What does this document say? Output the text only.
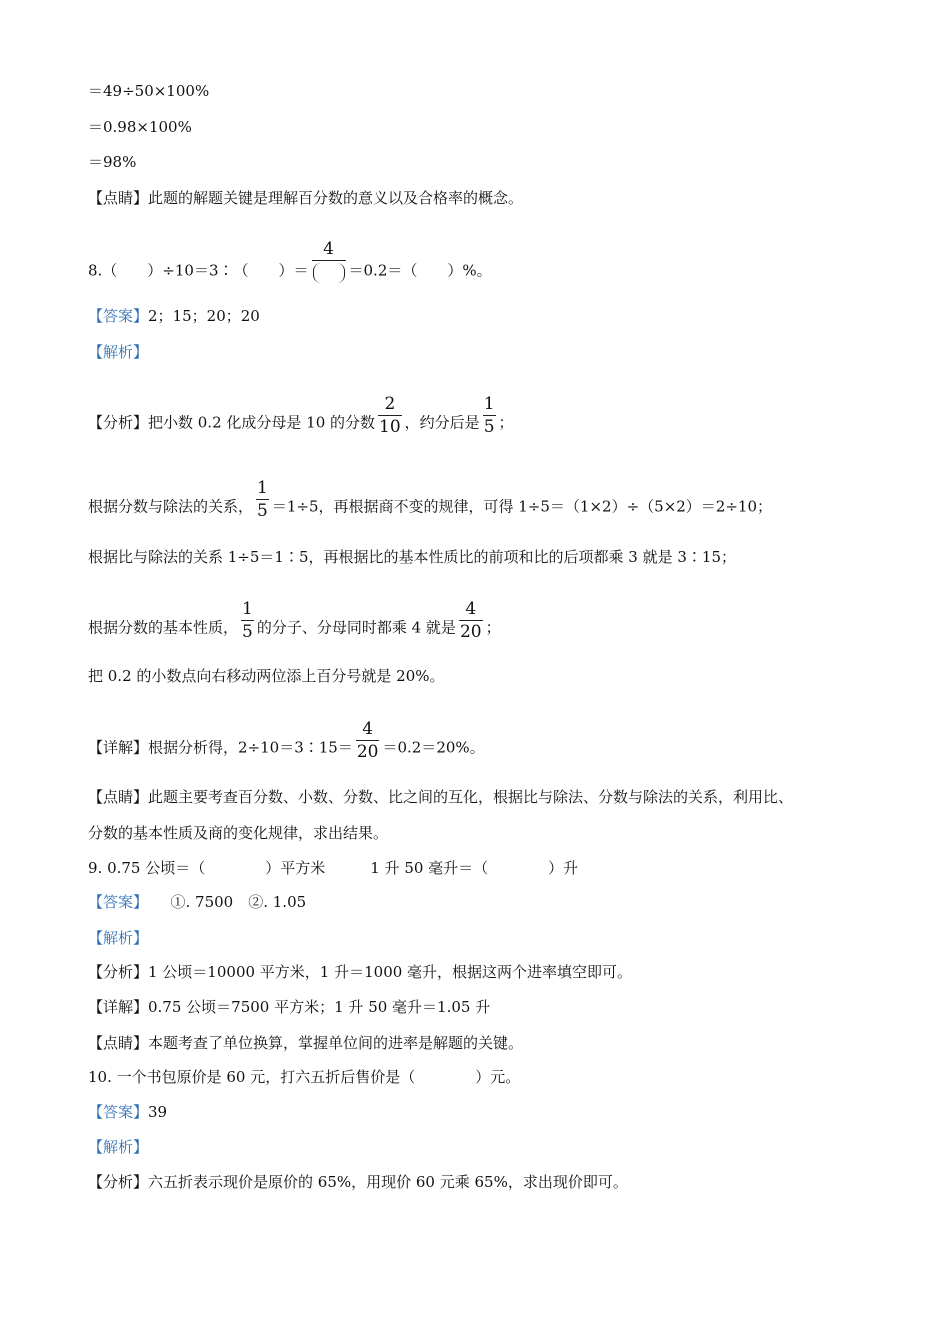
＝49÷50×100%
＝0.98×100%
＝98%
【点睛】此题的解题关键是理解百分数的意义以及合格率的概念。
8.（　　）÷10＝3∶（　　）＝
4
＝0.2＝（　　）%。
【答案】2；15；20；20
【解析】
【分析】把小数 0.2 化成分母是 10 的分数 $\frac{2}{10}$ ，约分后是 $\frac{1}{5}$ ；
根据分数与除法的关系， $\frac{1}{5} =1\div 5$，再根据商不变的规律，可得 1÷5＝（1×2）÷（5×2）＝2÷10；
根据比与除法的关系 1÷5＝1∶5，再根据比的基本性质比的前项和比的后项都乘 3 就是 3∶15；
根据分数的基本性质， $\frac{1}{5}$ 的分子、分母同时都乘 4 就是 $\frac{4}{20}$ ；
把 0.2 的小数点向右移动两位添上百分号就是 20%。
【详解】根据分析得，2÷10＝3∶15＝ $\frac{4}{20} =0.2=20\%$。
【点睛】此题主要考查百分数、小数、分数、比之间的互化，根据比与除法、分数与除法的关系，利用比、
分数的基本性质及商的变化规律，求出结果。
9. 0.75 公顷＝（　　　　）平方米　　　1 升 50 毫升＝（　　　　）升
【答案】　　①. 7500　②. 1.05
【解析】
【分析】1 公顷＝10000 平方米，1 升＝1000 毫升，根据这两个进率填空即可。
【详解】0.75 公顷＝7500 平方米；1 升 50 毫升＝1.05 升
【点睛】本题考查了单位换算，掌握单位间的进率是解题的关键。
10. 一个书包原价是 60 元，打六五折后售价是（　　　　）元。
【答案】39
【解析】
【分析】六五折表示现价是原价的 65%，用现价 60 元乘 65%，求出现价即可。
